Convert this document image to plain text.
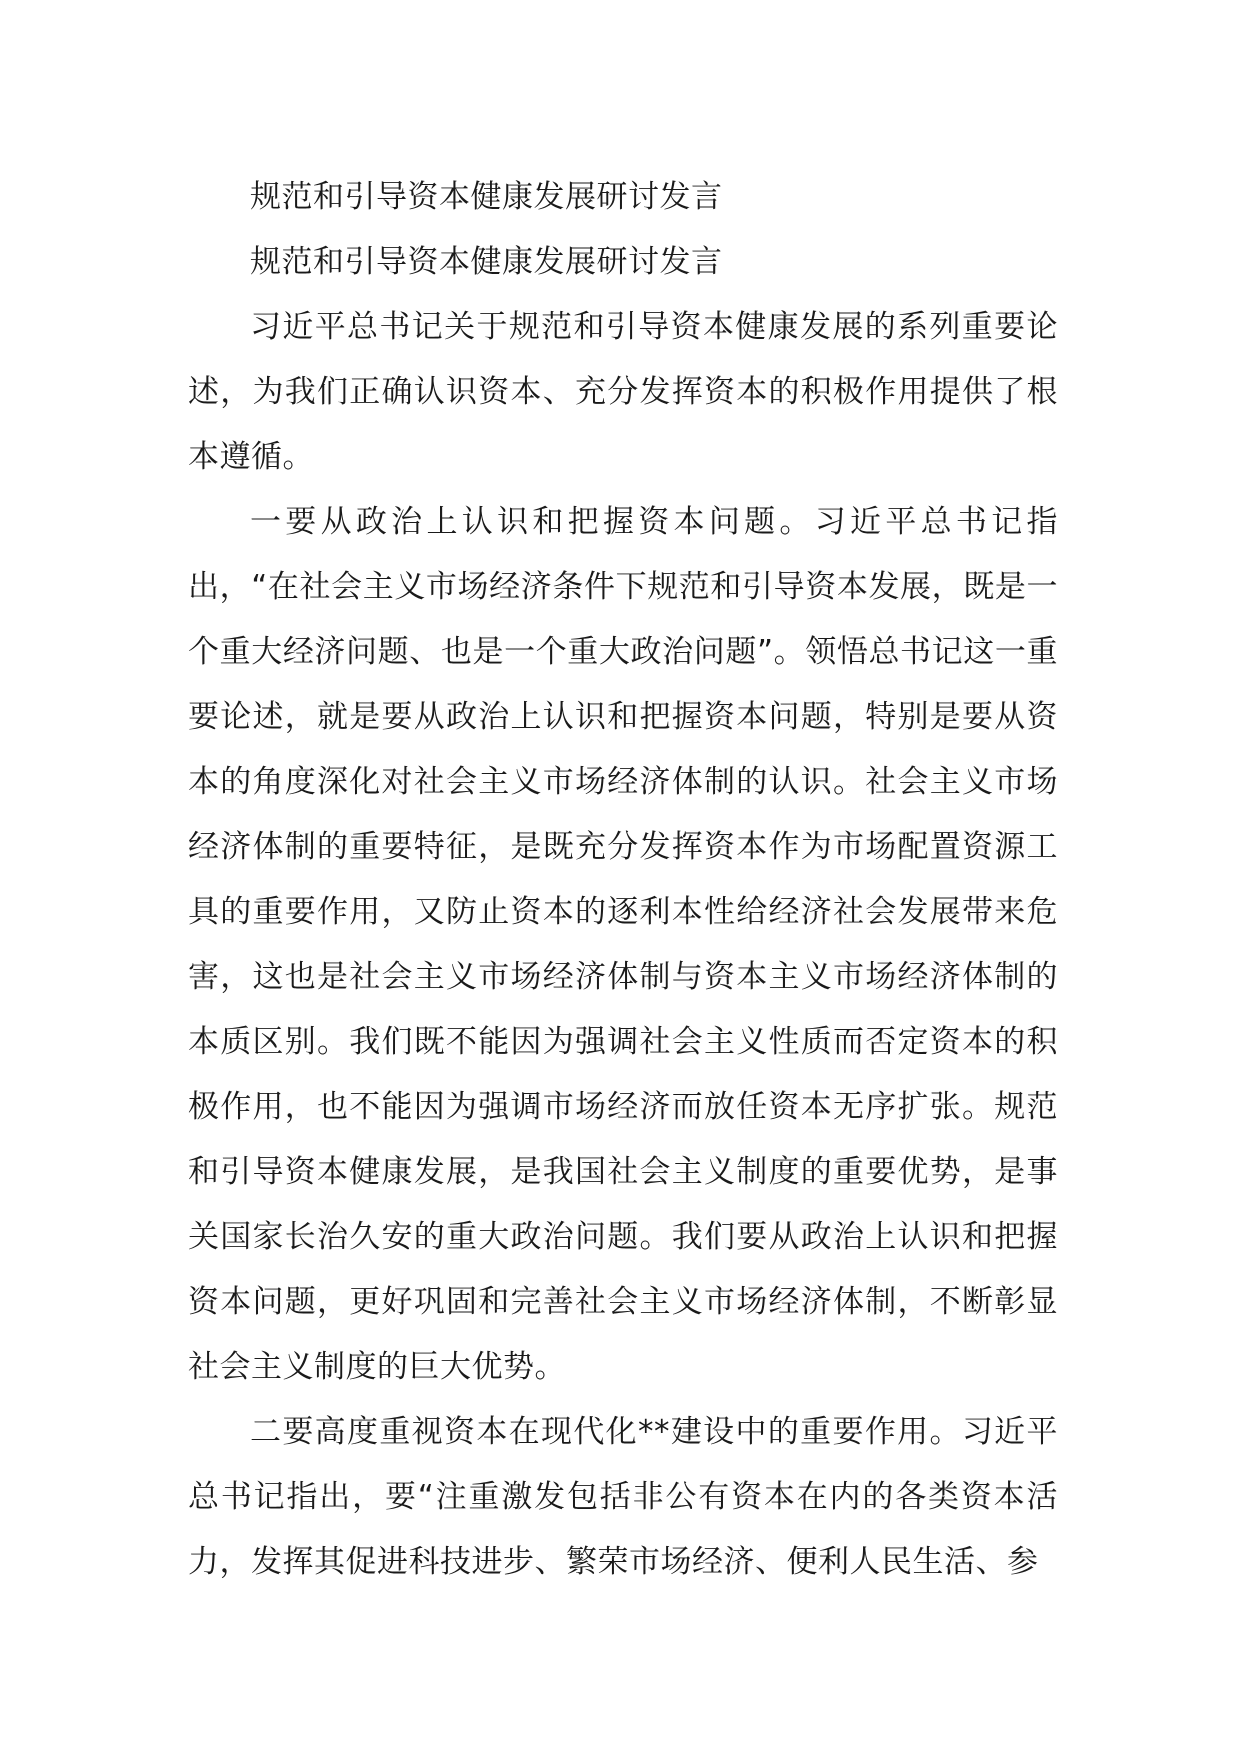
规范和引导资本健康发展研讨发言

规范和引导资本健康发展研讨发言

习近平总书记关于规范和引导资本健康发展的系列重要论述，为我们正确认识资本、充分发挥资本的积极作用提供了根本遵循。

一要从政治上认识和把握资本问题。习近平总书记指出，“在社会主义市场经济条件下规范和引导资本发展，既是一个重大经济问题、也是一个重大政治问题”。领悟总书记这一重要论述，就是要从政治上认识和把握资本问题，特别是要从资本的角度深化对社会主义市场经济体制的认识。社会主义市场经济体制的重要特征，是既充分发挥资本作为市场配置资源工具的重要作用，又防止资本的逐利本性给经济社会发展带来危害，这也是社会主义市场经济体制与资本主义市场经济体制的本质区别。我们既不能因为强调社会主义性质而否定资本的积极作用，也不能因为强调市场经济而放任资本无序扩张。规范和引导资本健康发展，是我国社会主义制度的重要优势，是事关国家长治久安的重大政治问题。我们要从政治上认识和把握资本问题，更好巩固和完善社会主义市场经济体制，不断彰显社会主义制度的巨大优势。

二要高度重视资本在现代化**建设中的重要作用。习近平总书记指出，要“注重激发包括非公有资本在内的各类资本活力，发挥其促进科技进步、繁荣市场经济、便利人民生活、参
